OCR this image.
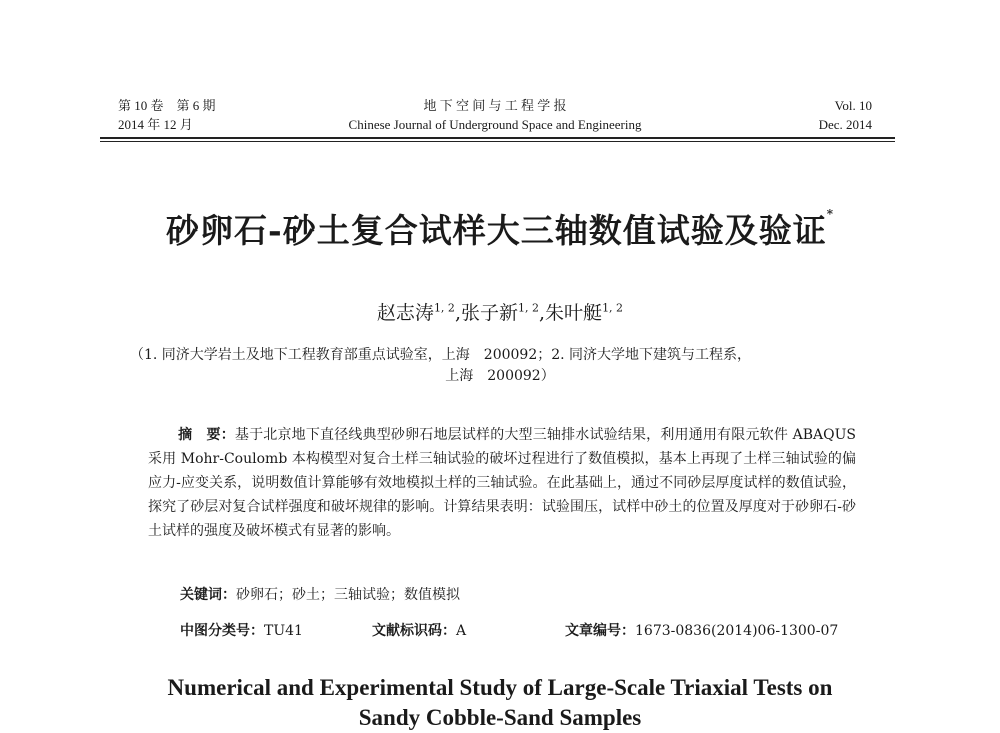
第 10 卷　第 6 期
2014 年 12 月
地 下 空 间 与 工 程 学 报
Chinese Journal of Underground Space and Engineering
Vol. 10
Dec. 2014
砂卵石-砂土复合试样大三轴数值试验及验证*
赵志涛$^{1, 2}$,张子新$^{1, 2}$,朱叶艇$^{1, 2}$
（1. 同济大学岩土及地下工程教育部重点试验室，上海　200092；2. 同济大学地下建筑与工程系，
上海　200092）
摘　要：基于北京地下直径线典型砂卵石地层试样的大型三轴排水试验结果，利用通用有限元软件 ABAQUS 采用 Mohr-Coulomb 本构模型对复合土样三轴试验的破坏过程进行了数值模拟，基本上再现了土样三轴试验的偏应力-应变关系，说明数值计算能够有效地模拟土样的三轴试验。在此基础上，通过不同砂层厚度试样的数值试验，探究了砂层对复合试样强度和破坏规律的影响。计算结果表明：试验围压，试样中砂土的位置及厚度对于砂卵石-砂土试样的强度及破坏模式有显著的影响。
关键词：砂卵石；砂土；三轴试验；数值模拟
中图分类号：TU41	文献标识码：A	文章编号：1673-0836(2014)06-1300-07
Numerical and Experimental Study of Large-Scale Triaxial Tests on
Sandy Cobble-Sand Samples
